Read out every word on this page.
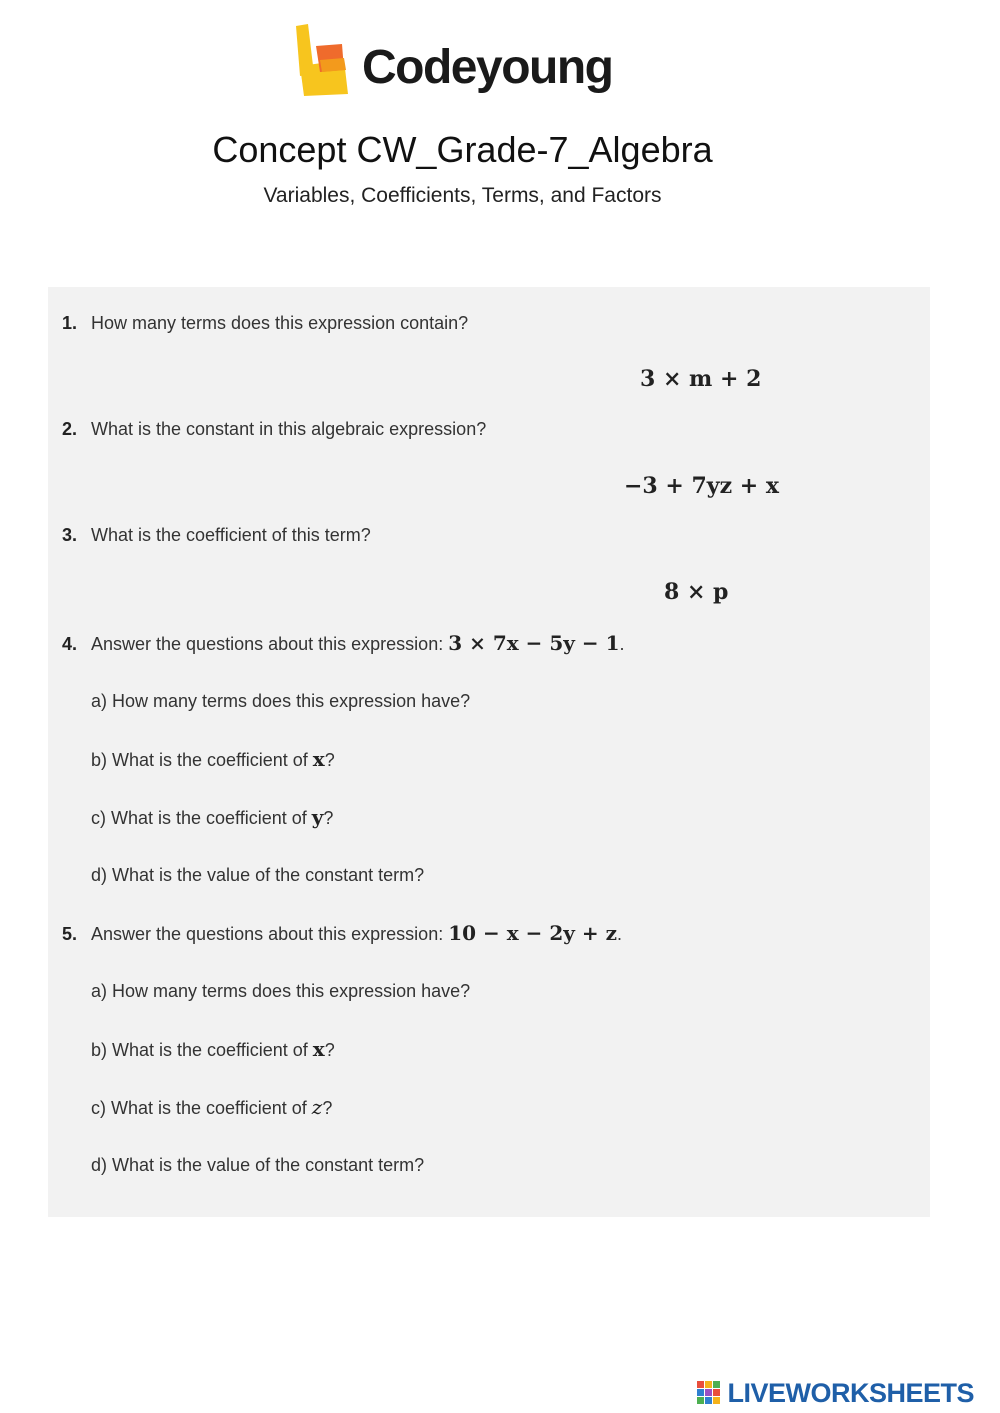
Codeyoung
Concept CW_Grade-7_Algebra
Variables, Coefficients, Terms, and Factors
1. How many terms does this expression contain?
3 × m + 2
2. What is the constant in this algebraic expression?
−3 + 7yz + x
3. What is the coefficient of this term?
8 × p
4. Answer the questions about this expression: 3 × 7x − 5y − 1.
a) How many terms does this expression have?
b) What is the coefficient of x?
c) What is the coefficient of y?
d) What is the value of the constant term?
5. Answer the questions about this expression: 10 − x − 2y + z.
a) How many terms does this expression have?
b) What is the coefficient of x?
c) What is the coefficient of z?
d) What is the value of the constant term?
LIVEWORKSHEETS
